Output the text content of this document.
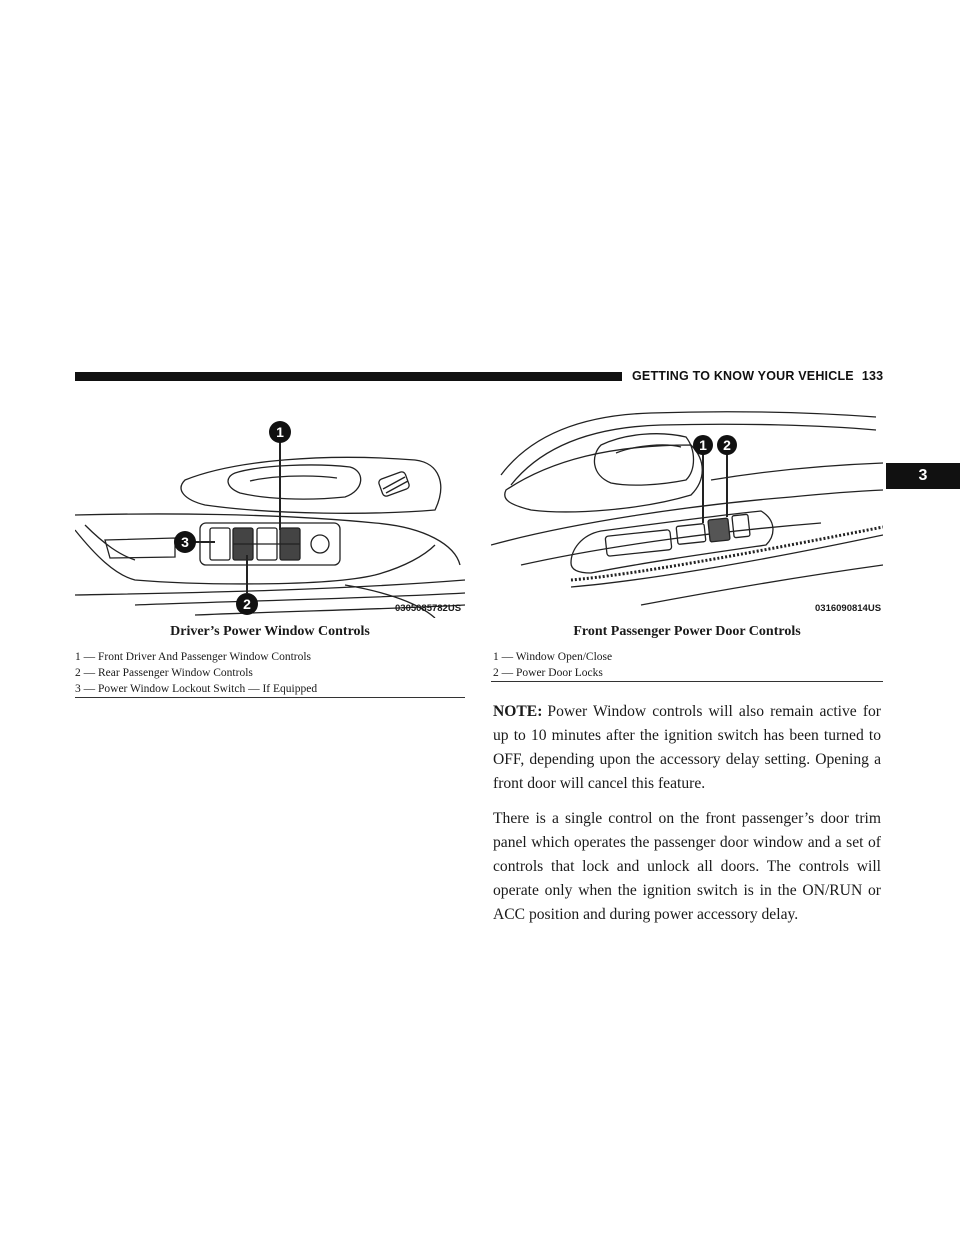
GETTING TO KNOW YOUR VEHICLE 133
3
1
2
3
0305085782US
Driver’s Power Window Controls
1 — Front Driver And Passenger Window Controls
2 — Rear Passenger Window Controls
3 — Power Window Lockout Switch — If Equipped
1 2
0316090814US
Front Passenger Power Door Controls
1 — Window Open/Close
2 — Power Door Locks

NOTE: Power Window controls will also remain active for up to 10 minutes after the ignition switch has been turned to OFF, depending upon the accessory delay setting. Opening a front door will cancel this feature.

There is a single control on the front passenger’s door trim panel which operates the passenger door window and a set of controls that lock and unlock all doors. The controls will operate only when the ignition switch is in the ON/RUN or ACC position and during power accessory delay.
